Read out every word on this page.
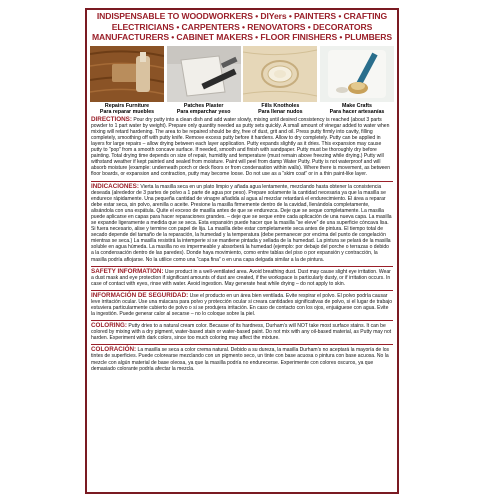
INDISPENSABLE TO WOODWORKERS • DIYers • PAINTERS • CRAFTING
ELECTRICIANS • CARPENTERS • RENOVATORS • DECORATORS
MANUFACTURERS • CABINET MAKERS • FLOOR FINISHERS • PLUMBERS
Repairs Furniture
Para reparar muebles
Patches Plaster
Para emparchar yeso
Fills Knotholes
Para llenar nudos
Make Crafts
Para hacer artesanías
DIRECTIONS: Pour dry putty into a clean dish and add water slowly, mixing until desired consistency is reached (about 3 parts powder to 1 part water by weight). Prepare only quantity needed as putty sets quickly. A small amount of vinegar added to water when mixing will retard hardening. The area to be repaired should be dry, free of dust, grit and oil. Press putty firmly into cavity, filling completely, smoothing off with putty knife. Remove excess putty before it hardens. Allow to dry completely. Putty can be applied in layers for large repairs – allow drying between each layer application. Putty expands slightly as it dries. This expansion may cause putty to “pop” from a smooth concave surface. If needed, smooth and finish with sandpaper. Putty must be thoroughly dry before painting. Total drying time depends on size of repair, humidity and temperature (must remain above freezing while drying.) Putty will withstand weather if kept painted and sealed from moisture. Paint will peel from damp Water Putty. Putty is not waterproof and will absorb moisture (example: underneath porch or deck floors or from condensation within walls). Where there is movement, as between floor boards, or expansion and contraction, putty may become loose. Do not use as a “skim coat” or in a thin paint-like layer.
INDICACIONES: Vierta la masilla seca en un plato limpio y añada agua lentamente, mezclando hasta obtener la consistencia deseada (alrededor de 3 partes de polvo a 1 parte de agua por peso). Prepare solamente la cantidad necesaria ya que la masilla se endurece rápidamente. Una pequeña cantidad de vinagre añadida al agua al mezclar retardará el endurecimiento. El área a reparar debe estar seca, sin polvo, arenilla o aceite. Presione la masilla firmemente dentro de la cavidad, llenándola completamente, alisándola con una espátula. Quite el exceso de masilla antes de que se endurezca. Deje que se seque completamente. La masilla puede aplicarse en capas para hacer reparaciones grandes. – deje que se seque entre cada aplicación de una nueva capa. La masilla se expande ligeramente a medida que se seca. Esta expansión puede hacer que la masilla “se eleve” de una superficie cóncava lisa. Si fuera necesario, alise y termine con papel de lija. La masilla debe estar completamente seca antes de pintura. El tiempo total de secado depende del tamaño de la reparación, la humedad y la temperatura (debe permanecer por encima del punto de congelación mientras se seca.) La masilla resistirá la intemperie si se mantiene pintada y sellada de la humedad. La pintura se pelará de la masilla soluble en agua húmeda. La masilla no es impermeable y absorberá la humedad (ejemplo: por debajo del porche o terrazas o debido a la condensación dentro de las paredes). Donde haya movimiento, como entre tablas del piso o por expansión y contracción, la masilla podría aflojarse. No la utilice como una “capa fina” o en una capa delgada similar a la de pintura.
SAFETY INFORMATION: Use product in a well-ventilated area. Avoid breathing dust. Dust may cause slight eye irritation. Wear a dust mask and eye protection if significant amounts of dust are created, if the workspace is particularly dusty, or if irritation occurs. In case of contact with eyes, rinse with water. Avoid ingestion. May generate heat while drying – do not apply to skin.
INFORMACIÓN DE SEGURIDAD: Use el producto en un área bien ventilada. Evite respirar el polvo. El polvo podría causar leve irritación ocular. Use una máscara para polvo y protección ocular si creara cantidades significativas de polvo, si el lugar de trabajo estuviera particularmente cubierto de polvo o si se produjera irritación. En caso de contacto con los ojos, enjuáguese con agua. Evite la ingestión. Puede generar calor al secarse – no lo coloque sobre la piel.
COLORING: Putty dries to a natural cream color. Because of its hardness, Durham’s will NOT take most surface stains. It can be colored by mixing with a dry pigment, water-based stain or water-based paint. Do not mix with any oil-based material, as Putty may not harden. Experiment with dark colors, since too much coloring may affect the mixture.
COLORACIÓN: La masilla se seca a color crema natural. Debido a su dureza, la masilla Durham’s no aceptará la mayoría de los tintes de superficies. Puede colorearse mezclando con un pigmento seco, un tinte con base acuosa o pintura con base acuosa. No la mezcle con algún material de base oleosa, ya que la masilla podría no endurecerse. Experimente con colores oscuros, ya que demasiado colorante podría afectar la mezcla.
